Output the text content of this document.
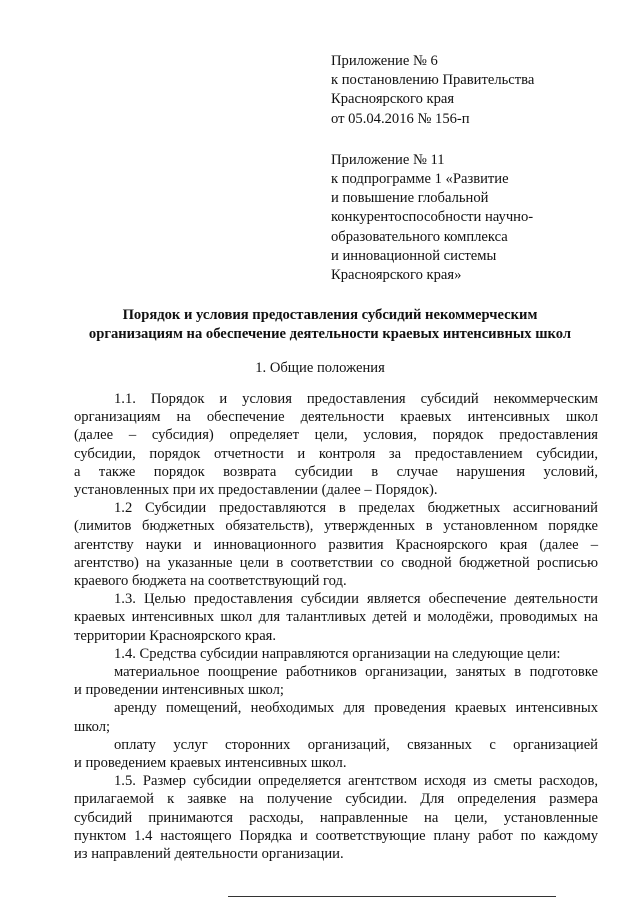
Приложение № 6
к постановлению Правительства
Красноярского края
от 05.04.2016 № 156-п
Приложение № 11
к подпрограмме 1 «Развитие
и повышение глобальной
конкурентоспособности научно-
образовательного комплекса
и инновационной системы
Красноярского края»
Порядок и условия предоставления субсидий некоммерческим
организациям на обеспечение деятельности краевых интенсивных школ
1. Общие положения
1.1. Порядок и условия предоставления субсидий некоммерческим
организациям на обеспечение деятельности краевых интенсивных школ
(далее – субсидия) определяет цели, условия, порядок предоставления
субсидии, порядок отчетности и контроля за предоставлением субсидии,
а также порядок возврата субсидии в случае нарушения условий,
установленных при их предоставлении (далее – Порядок).
1.2 Субсидии предоставляются в пределах бюджетных ассигнований
(лимитов бюджетных обязательств), утвержденных в установленном порядке
агентству науки и инновационного развития Красноярского края (далее –
агентство) на указанные цели в соответствии со сводной бюджетной росписью
краевого бюджета на соответствующий год.
1.3. Целью предоставления субсидии является обеспечение деятельности
краевых интенсивных школ для талантливых детей и молодёжи, проводимых на
территории Красноярского края.
1.4. Средства субсидии направляются организации на следующие цели:
материальное поощрение работников организации, занятых в подготовке
и проведении интенсивных школ;
аренду помещений, необходимых для проведения краевых интенсивных
школ;
оплату услуг сторонних организаций, связанных с организацией
и проведением краевых интенсивных школ.
1.5. Размер субсидии определяется агентством исходя из сметы расходов,
прилагаемой к заявке на получение субсидии. Для определения размера
субсидий принимаются расходы, направленные на цели, установленные
пунктом 1.4 настоящего Порядка и соответствующие плану работ по каждому
из направлений деятельности организации.
